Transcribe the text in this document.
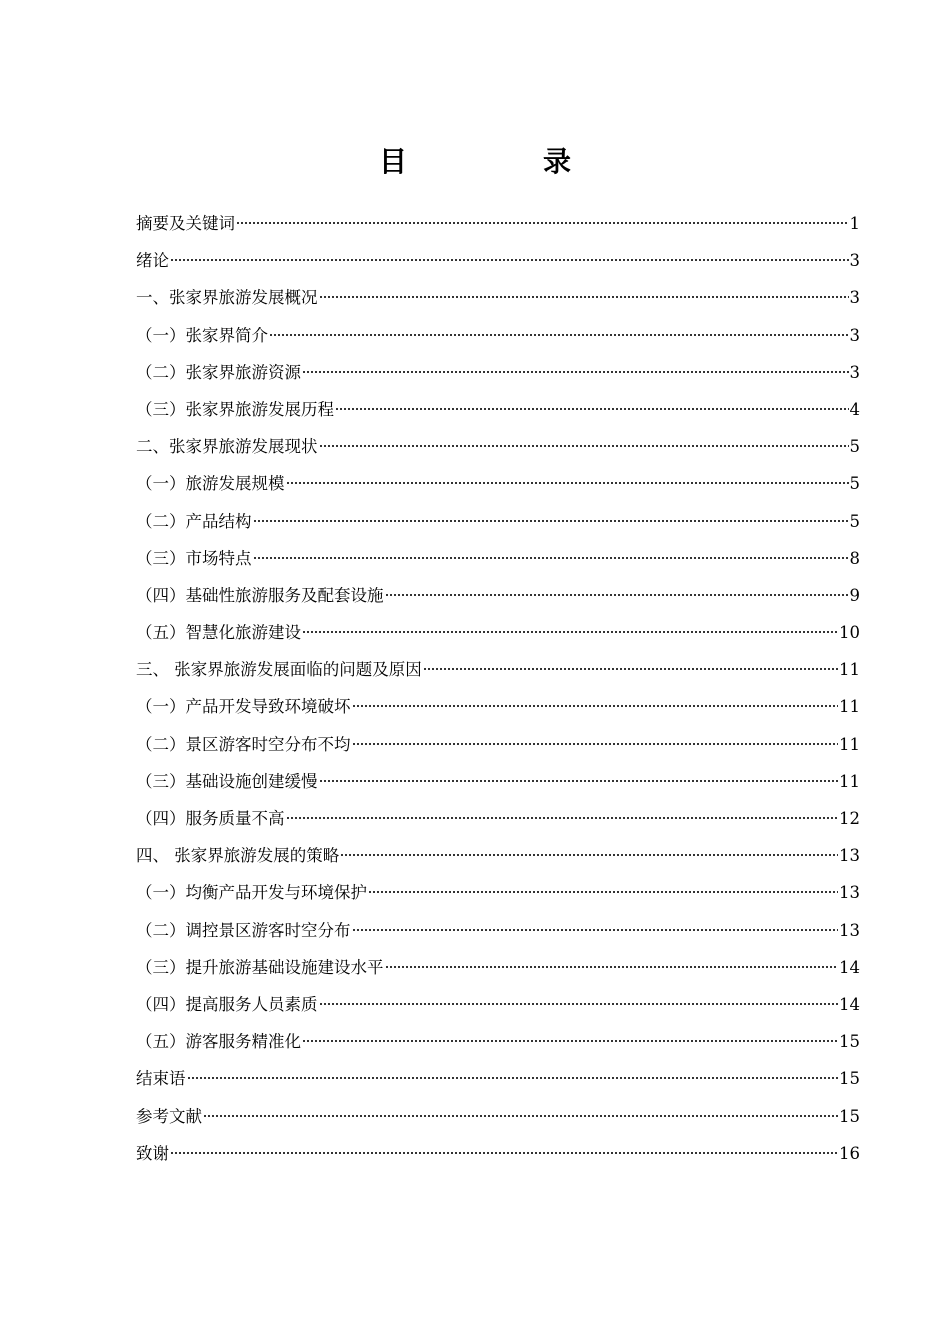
目　录
摘要及关键词	1
绪论	3
一、张家界旅游发展概况	3
（一）张家界简介	3
（二）张家界旅游资源	3
（三）张家界旅游发展历程	4
二、张家界旅游发展现状	5
（一）旅游发展规模	5
（二）产品结构	5
（三）市场特点	8
（四）基础性旅游服务及配套设施	9
（五）智慧化旅游建设	10
三、 张家界旅游发展面临的问题及原因	11
（一）产品开发导致环境破坏	11
（二）景区游客时空分布不均	11
（三）基础设施创建缓慢	11
（四）服务质量不高	12
四、 张家界旅游发展的策略	13
（一）均衡产品开发与环境保护	13
（二）调控景区游客时空分布	13
（三）提升旅游基础设施建设水平	14
（四）提高服务人员素质	14
（五）游客服务精准化	15
结束语	15
参考文献	15
致谢	16
